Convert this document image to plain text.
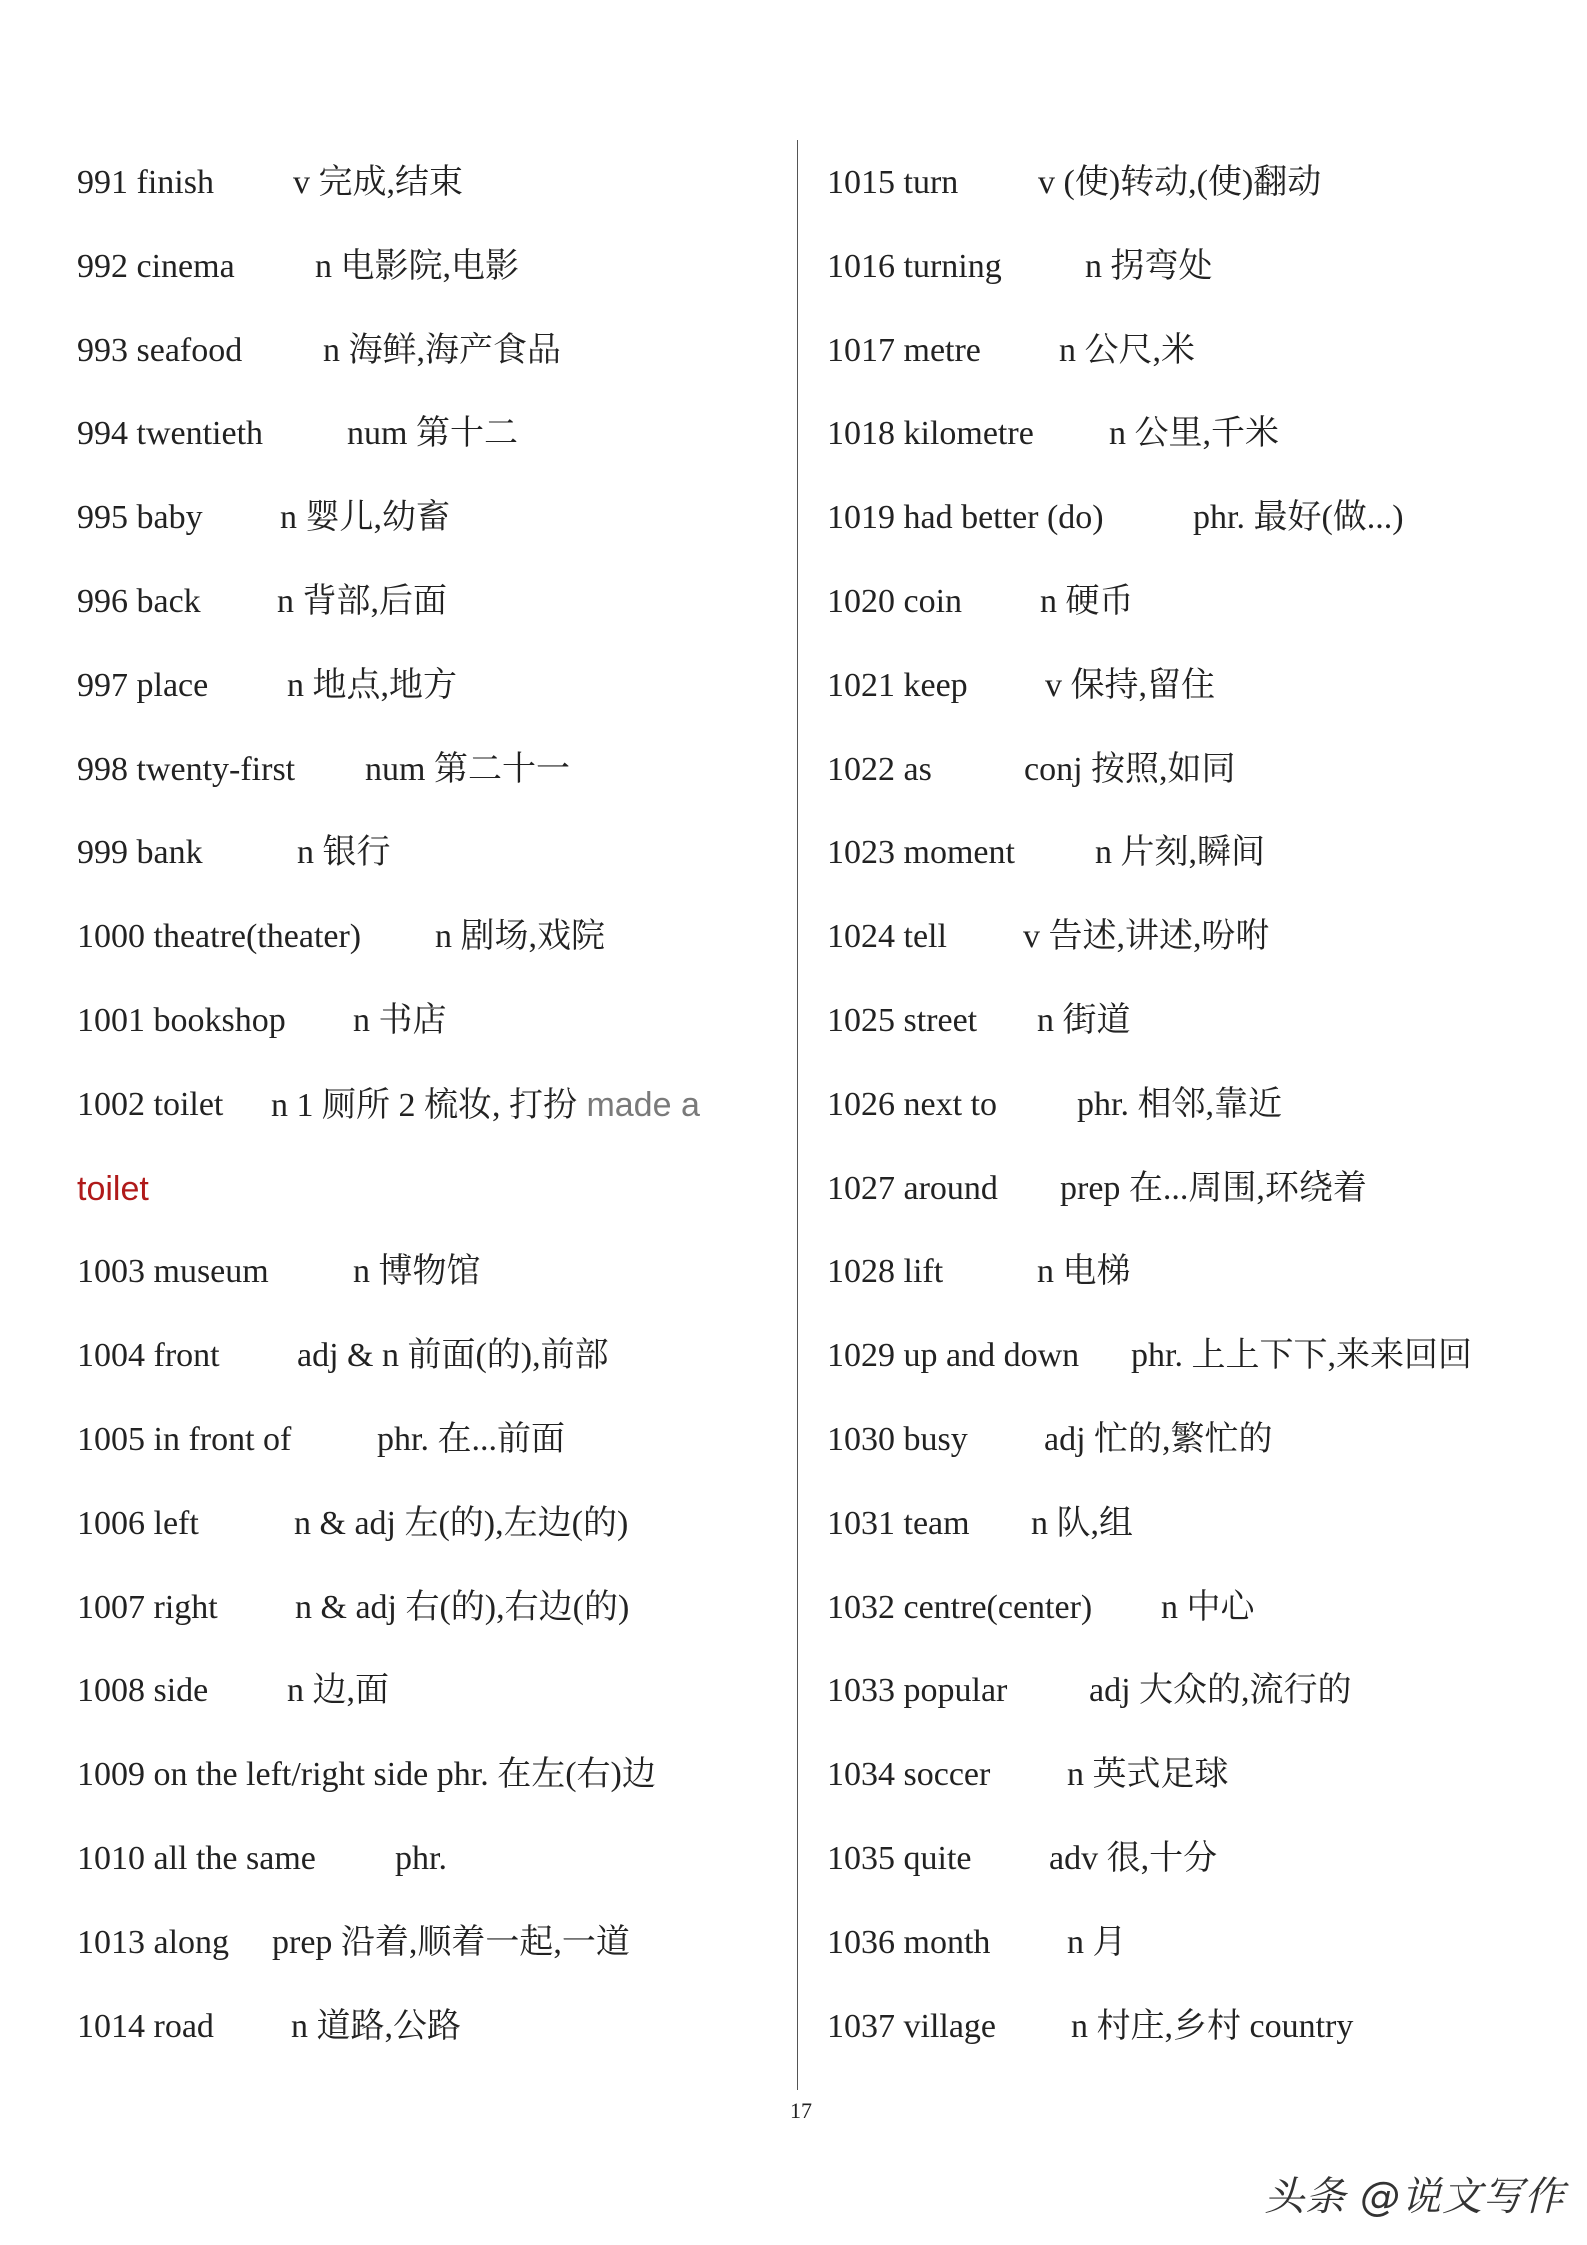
991 finish v 完成,结束
992 cinema n 电影院,电影
993 seafood n 海鲜,海产食品
994 twentieth num 第十二
995 baby n 婴儿,幼畜
996 back n 背部,后面
997 place n 地点,地方
998 twenty-first num 第二十一
999 bank	n 银行
1000 theatre(theater) n 剧场,戏院
1001 bookshop n 书店
1002 toilet n 1 厕所 2 梳妆, 打扮 made a
toilet
1003 museum n 博物馆
1004 front adj & n 前面(的),前部
1005 in front of	phr. 在...前面
1006 left	n & adj 左(的),左边(的)
1007 right n & adj 右(的),右边(的)
1008 side n 边,面
1009 on the left/right side phr. 在左(右)边
1010 all the same phr.
1013 along prep 沿着,顺着一起,一道
1014 road n 道路,公路
1015 turn v (使)转动,(使)翻动
1016 turning n 拐弯处
1017 metre n 公尺,米
1018 kilometre n 公里,千米
1019 had better (do)	phr. 最好(做...)
1020 coin n 硬币
1021 keep v 保持,留住
1022 as	conj 按照,如同
1023 moment n 片刻,瞬间
1024 tell v 告述,讲述,吩咐
1025 street n 街道
1026 next to phr. 相邻,靠近
1027 around prep 在...周围,环绕着
1028 lift	n 电梯
1029 up and down phr. 上上下下,来来回回
1030 busy adj 忙的,繁忙的
1031 team n 队,组
1032 centre(center) n 中心
1033 popular adj 大众的,流行的
1034 soccer n 英式足球
1035 quite adv 很,十分
1036 month n 月
1037 village n 村庄,乡村 country
17
头条 @说文写作
